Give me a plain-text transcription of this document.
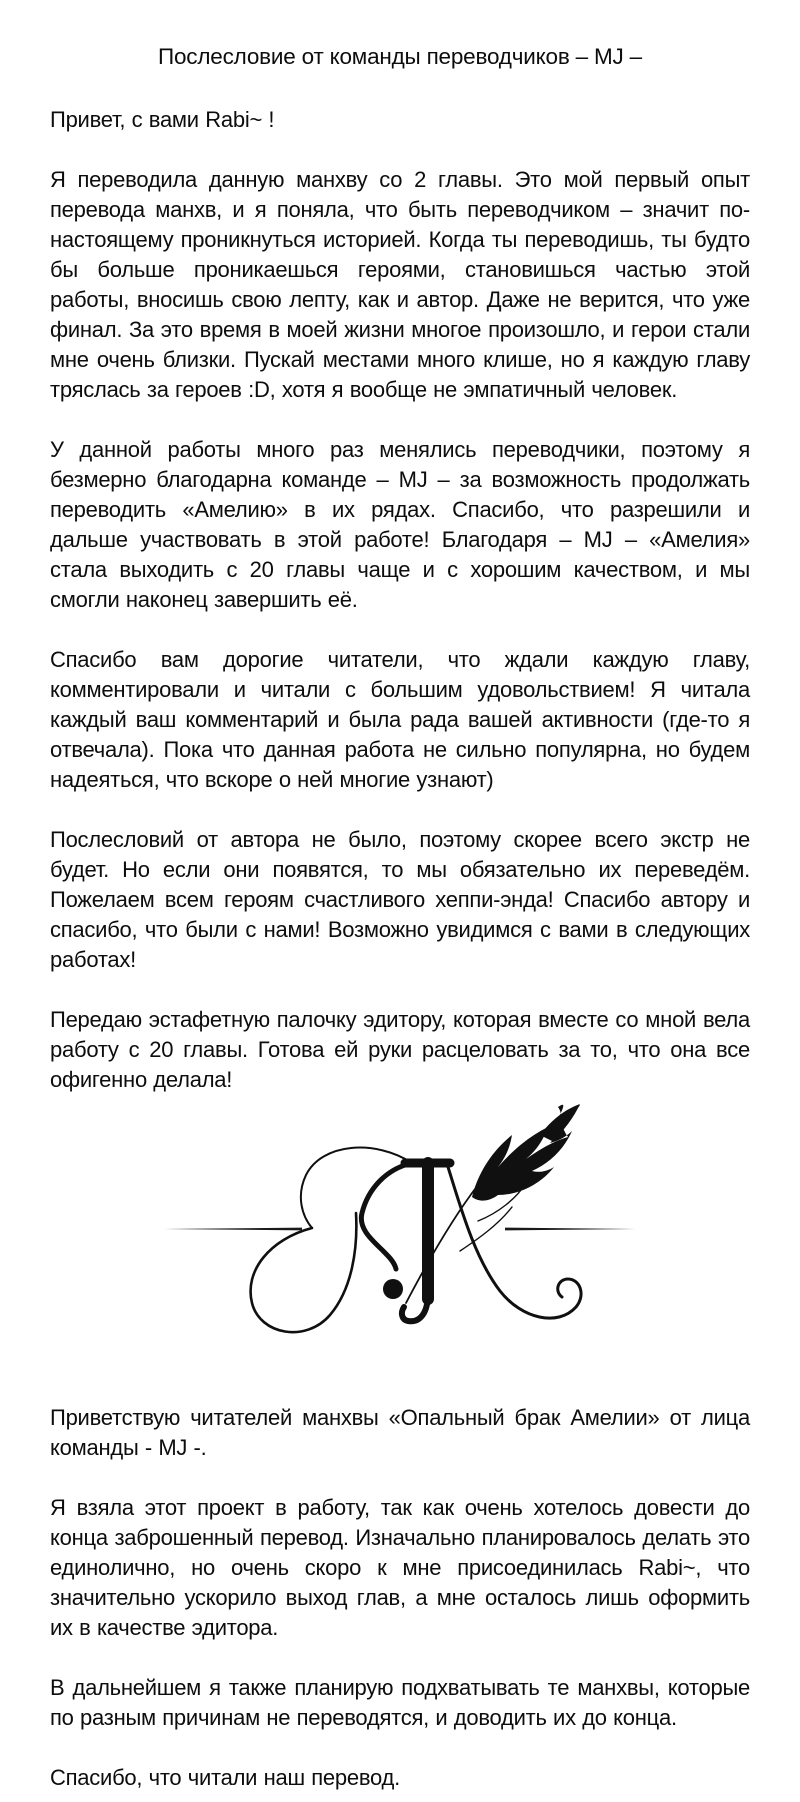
Послесловие от команды переводчиков – MJ –

Привет, с вами Rabi~ !

Я переводила данную манхву со 2 главы. Это мой первый опыт перевода манхв, и я поняла, что быть переводчиком – значит по-настоящему проникнуться историей. Когда ты переводишь, ты будто бы больше проникаешься героями, становишься частью этой работы, вносишь свою лепту, как и автор. Даже не верится, что уже финал. За это время в моей жизни многое произошло, и герои стали мне очень близки. Пускай местами много клише, но я каждую главу тряслась за героев :D, хотя я вообще не эмпатичный человек.

У данной работы много раз менялись переводчики, поэтому я безмерно благодарна команде – MJ – за возможность продолжать переводить «Амелию» в их рядах. Спасибо, что разрешили и дальше участвовать в этой работе! Благодаря – MJ – «Амелия» стала выходить с 20 главы чаще и с хорошим качеством, и мы смогли наконец завершить её.

Спасибо вам дорогие читатели, что ждали каждую главу, комментировали и читали с большим удовольствием! Я читала каждый ваш комментарий и была рада вашей активности (где-то я отвечала). Пока что данная работа не сильно популярна, но будем надеяться, что вскоре о ней многие узнают)

Послесловий от автора не было, поэтому скорее всего экстр не будет. Но если они появятся, то мы обязательно их переведём. Пожелаем всем героям счастливого хеппи-энда! Спасибо автору и спасибо, что были с нами! Возможно увидимся с вами в следующих работах!

Передаю эстафетную палочку эдитору, которая вместе со мной вела работу с 20 главы. Готова ей руки расцеловать за то, что она все офигенно делала!

Приветствую читателей манхвы «Опальный брак Амелии» от лица команды - MJ -.

Я взяла этот проект в работу, так как очень хотелось довести до конца заброшенный перевод. Изначально планировалось делать это единолично, но очень скоро к мне присоединилась Rabi~, что значительно ускорило выход глав, а мне осталось лишь оформить их в качестве эдитора.

В дальнейшем я также планирую подхватывать те манхвы, которые по разным причинам не переводятся, и доводить их до конца.

Спасибо, что читали наш перевод.
